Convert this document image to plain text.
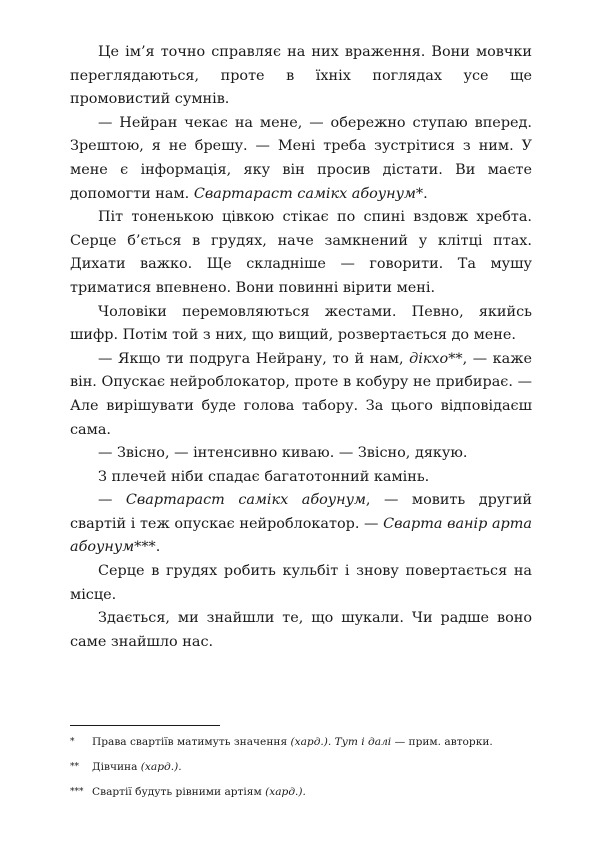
Це ім’я точно справляє на них враження. Вони мовчки переглядаються, проте в їхніх поглядах усе ще промовистий сумнів.

— Нейран чекає на мене, — обережно ступаю вперед. Зрештою, я не брешу. — Мені треба зустрітися з ним. У мене є інформація, яку він просив дістати. Ви маєте допомогти нам. Свартараст самікх абоунум*.

Піт тоненькою цівкою стікає по спині вздовж хребта. Серце б’ється в грудях, наче замкнений у клітці птах. Дихати важко. Ще складніше — говорити. Та мушу триматися впевнено. Вони повинні вірити мені.

Чоловіки перемовляються жестами. Певно, якийсь шифр. Потім той з них, що вищий, розвертається до мене.

— Якщо ти подруга Нейрану, то й нам, дікхо**, — каже він. Опускає нейроблокатор, проте в кобуру не прибирає. — Але вирішувати буде голова табору. За цього відповідаєш сама.

— Звісно, — інтенсивно киваю. — Звісно, дякую.

З плечей ніби спадає багатотонний камінь.

— Свартараст самікх абоунум, — мовить другий свартій і теж опускає нейроблокатор. — Сварта ванір арта абоунум***.

Серце в грудях робить кульбіт і знову повертається на місце.

Здається, ми знайшли те, що шукали. Чи радше воно саме знайшло нас.

* Права свартіїв матимуть значення (хард.). Тут і далі — прим. авторки.
** Дівчина (хард.).
*** Свартії будуть рівними артіям (хард.).
